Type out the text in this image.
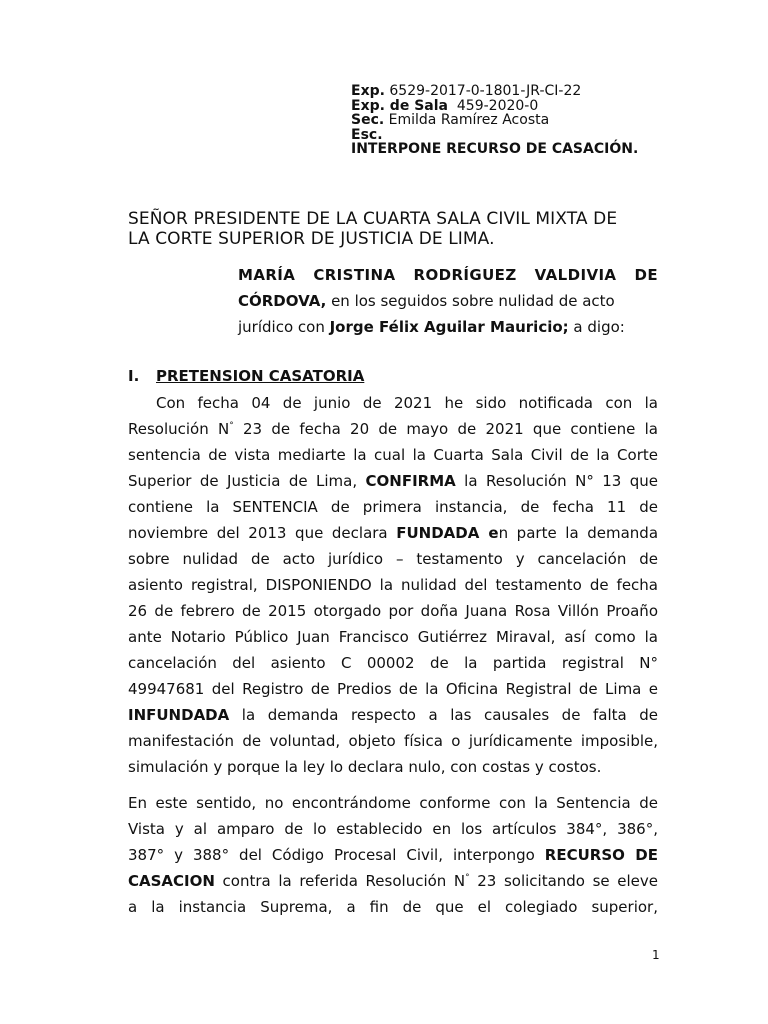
Exp. 6529-2017-0-1801-JR-CI-22
Exp. de Sala 459-2020-0
Sec. Emilda Ramírez Acosta
Esc.
INTERPONE RECURSO DE CASACIÓN.
SEÑOR PRESIDENTE DE LA CUARTA SALA CIVIL MIXTA DE
LA CORTE SUPERIOR DE JUSTICIA DE LIMA.
MARÍA CRISTINA RODRÍGUEZ VALDIVIA DE
CÓRDOVA, en los seguidos sobre nulidad de acto
jurídico con Jorge Félix Aguilar Mauricio; a digo:
I. PRETENSION CASATORIA
Con fecha 04 de junio de 2021 he sido notificada con la
Resolución N° 23 de fecha 20 de mayo de 2021 que contiene la
sentencia de vista mediarte la cual la Cuarta Sala Civil de la Corte
Superior de Justicia de Lima, CONFIRMA la Resolución N° 13 que
contiene la SENTENCIA de primera instancia, de fecha 11 de
noviembre del 2013 que declara FUNDADA en parte la demanda
sobre nulidad de acto jurídico – testamento y cancelación de
asiento registral, DISPONIENDO la nulidad del testamento de fecha
26 de febrero de 2015 otorgado por doña Juana Rosa Villón Proaño
ante Notario Público Juan Francisco Gutiérrez Miraval, así como la
cancelación del asiento C 00002 de la partida registral N°
49947681 del Registro de Predios de la Oficina Registral de Lima e
INFUNDADA la demanda respecto a las causales de falta de
manifestación de voluntad, objeto física o jurídicamente imposible,
simulación y porque la ley lo declara nulo, con costas y costos.
En este sentido, no encontrándome conforme con la Sentencia de
Vista y al amparo de lo establecido en los artículos 384°, 386°,
387° y 388° del Código Procesal Civil, interpongo RECURSO DE
CASACION contra la referida Resolución N° 23 solicitando se eleve
a la instancia Suprema, a fin de que el colegiado superior,
1
